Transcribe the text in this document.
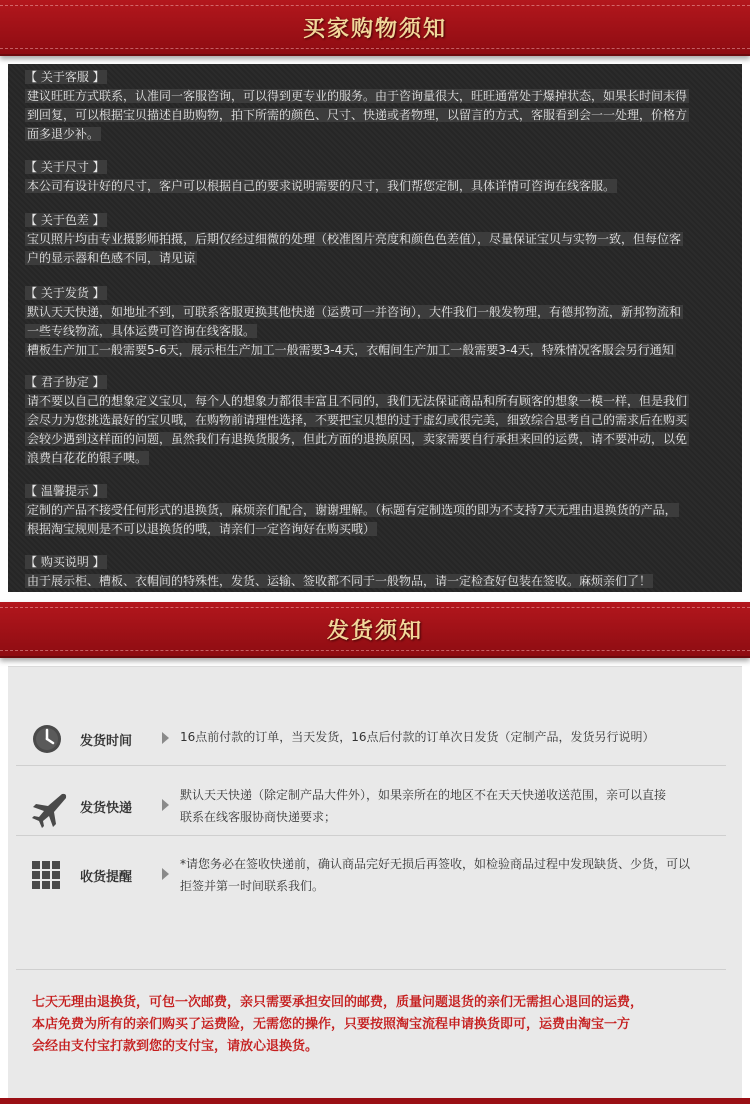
买家购物须知
【 关于客服 】
建议旺旺方式联系，认准同一客服咨询，可以得到更专业的服务。由于咨询量很大，旺旺通常处于爆掉状态，如果长时间未得
到回复，可以根据宝贝描述自助购物，拍下所需的颜色、尺寸、快递或者物理，以留言的方式，客服看到会一一处理，价格方
面多退少补。
【 关于尺寸 】
本公司有设计好的尺寸，客户可以根据自己的要求说明需要的尺寸，我们帮您定制，具体详情可咨询在线客服。
【 关于色差 】
宝贝照片均由专业摄影师拍摄，后期仅经过细微的处理（校准图片亮度和颜色色差值），尽量保证宝贝与实物一致，但每位客
户的显示器和色感不同，请见谅
【 关于发货 】
默认天天快递，如地址不到，可联系客服更换其他快递（运费可一并咨询），大件我们一般发物理，有德邦物流，新邦物流和
一些专线物流，具体运费可咨询在线客服。
槽板生产加工一般需要5-6天，展示柜生产加工一般需要3-4天，衣帽间生产加工一般需要3-4天，特殊情况客服会另行通知
【 君子协定 】
请不要以自己的想象定义宝贝，每个人的想象力都很丰富且不同的，我们无法保证商品和所有顾客的想象一模一样，但是我们
会尽力为您挑选最好的宝贝哦，在购物前请理性选择，不要把宝贝想的过于虚幻或很完美，细致综合思考自己的需求后在购买
会较少遇到这样面的问题，虽然我们有退换货服务，但此方面的退换原因，卖家需要自行承担来回的运费，请不要冲动，以免
浪费白花花的银子噢。
【 温馨提示 】
定制的产品不接受任何形式的退换货，麻烦亲们配合，谢谢理解。（标题有定制选项的即为不支持7天无理由退换货的产品，
根据淘宝规则是不可以退换货的哦，请亲们一定咨询好在购买哦）
【 购买说明 】
由于展示柜、槽板、衣帽间的特殊性，发货、运输、签收都不同于一般物品，请一定检查好包装在签收。麻烦亲们了！
发货须知
发货时间	16点前付款的订单，当天发货，16点后付款的订单次日发货（定制产品，发货另行说明）
发货快递
默认天天快递（除定制产品大件外），如果亲所在的地区不在天天快递收送范围，亲可以直接
联系在线客服协商快递要求；
收货提醒
*请您务必在签收快递前，确认商品完好无损后再签收，如检验商品过程中发现缺货、少货，可以
拒签并第一时间联系我们。
七天无理由退换货，可包一次邮费，亲只需要承担安回的邮费，质量问题退货的亲们无需担心退回的运费，
本店免费为所有的亲们购买了运费险，无需您的操作，只要按照淘宝流程申请换货即可，运费由淘宝一方
会经由支付宝打款到您的支付宝，请放心退换货。
